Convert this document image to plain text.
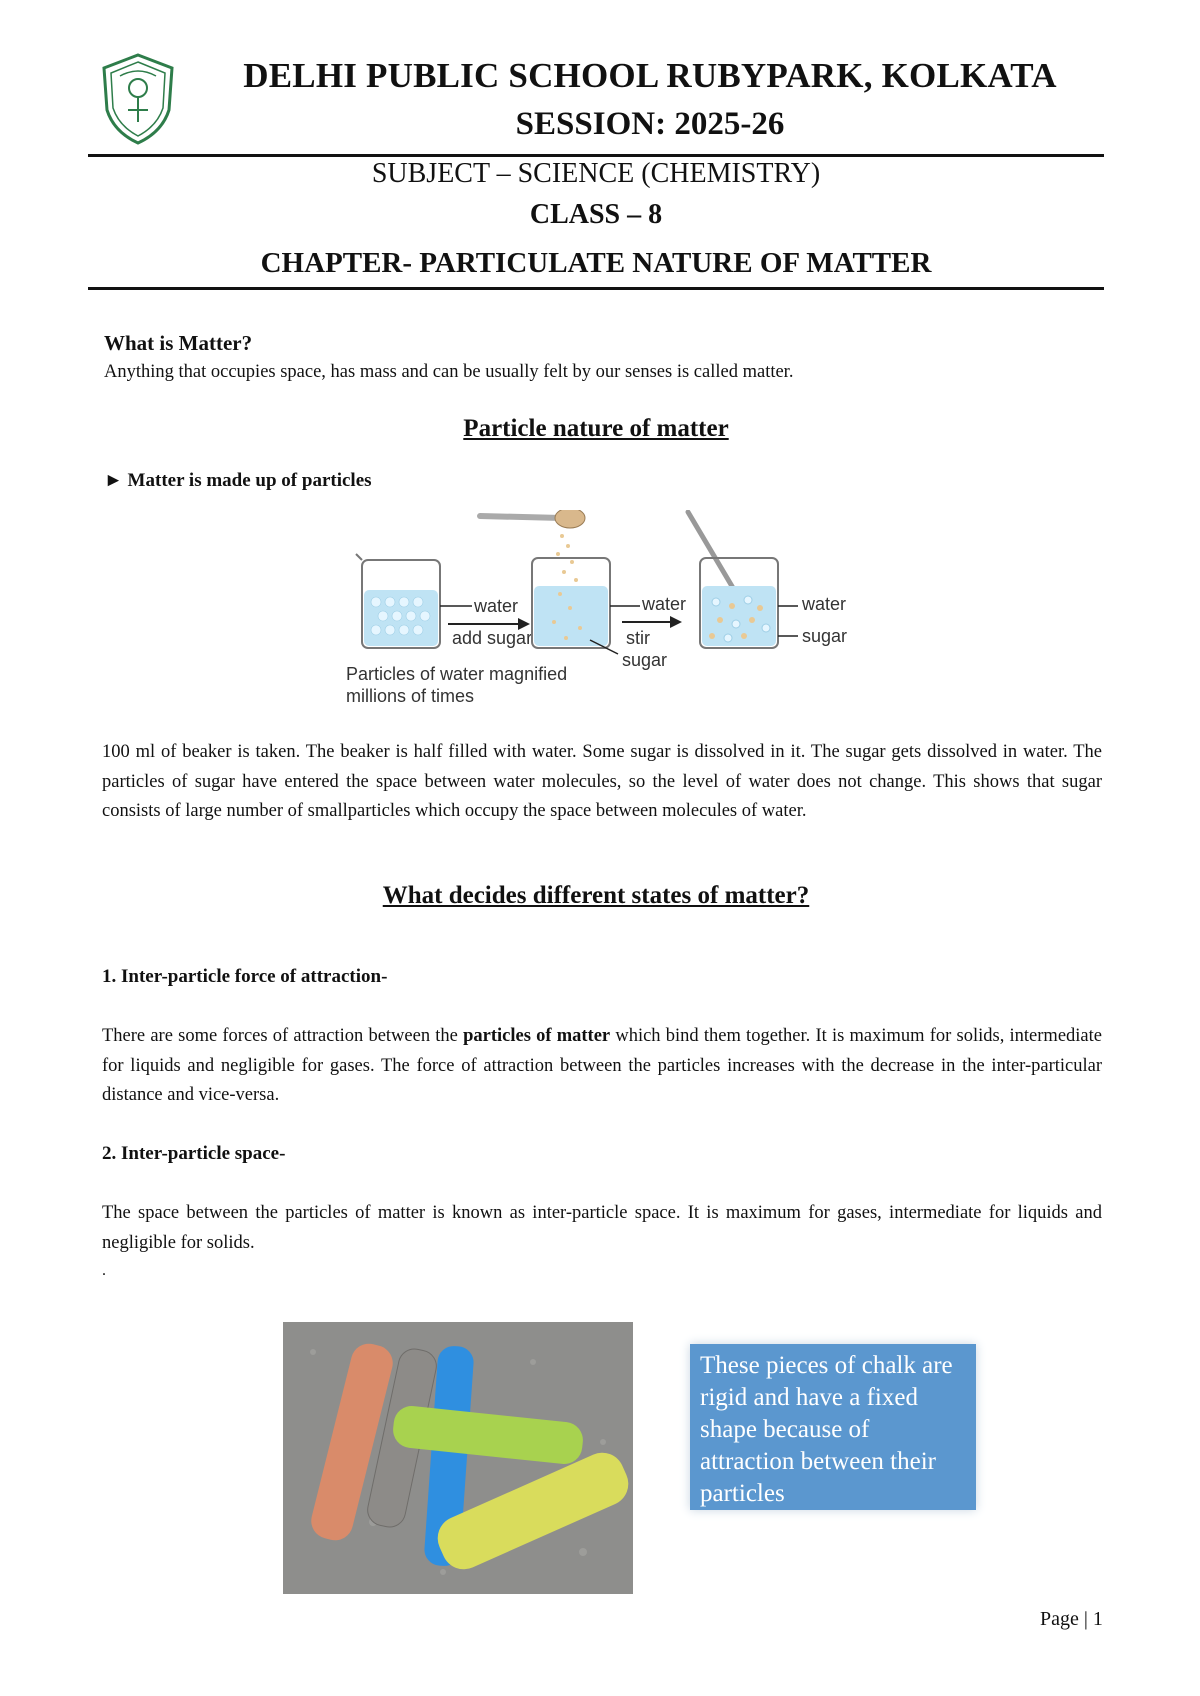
DELHI PUBLIC SCHOOL RUBYPARK, KOLKATA
SESSION: 2025-26
SUBJECT – SCIENCE (CHEMISTRY)
CLASS – 8
CHAPTER- PARTICULATE NATURE OF MATTER
What is Matter?
Anything that occupies space, has mass and can be usually felt by our senses is called matter.
Particle nature of matter
► Matter is made up of particles
water
add sugar
Particles of water magnified
millions of times
water
stir
sugar
water
sugar
100 ml of beaker is taken. The beaker is half filled with water. Some sugar is dissolved in it. The sugar gets dissolved in water. The particles of sugar have entered the space between water molecules, so the level of water does not change. This shows that sugar consists of large number of smallparticles which occupy the space between molecules of water.
What decides different states of matter?
1. Inter-particle force of attraction-
There are some forces of attraction between the particles of matter which bind them together. It is maximum for solids, intermediate for liquids and negligible for gases. The force of attraction between the particles increases with the decrease in the inter-particular distance and vice-versa.
2. Inter-particle space-
The space between the particles of matter is known as inter-particle space. It is maximum for gases, intermediate for liquids and negligible for solids.
.
These pieces of chalk are rigid and have a fixed shape because of attraction between their particles
Page | 1
